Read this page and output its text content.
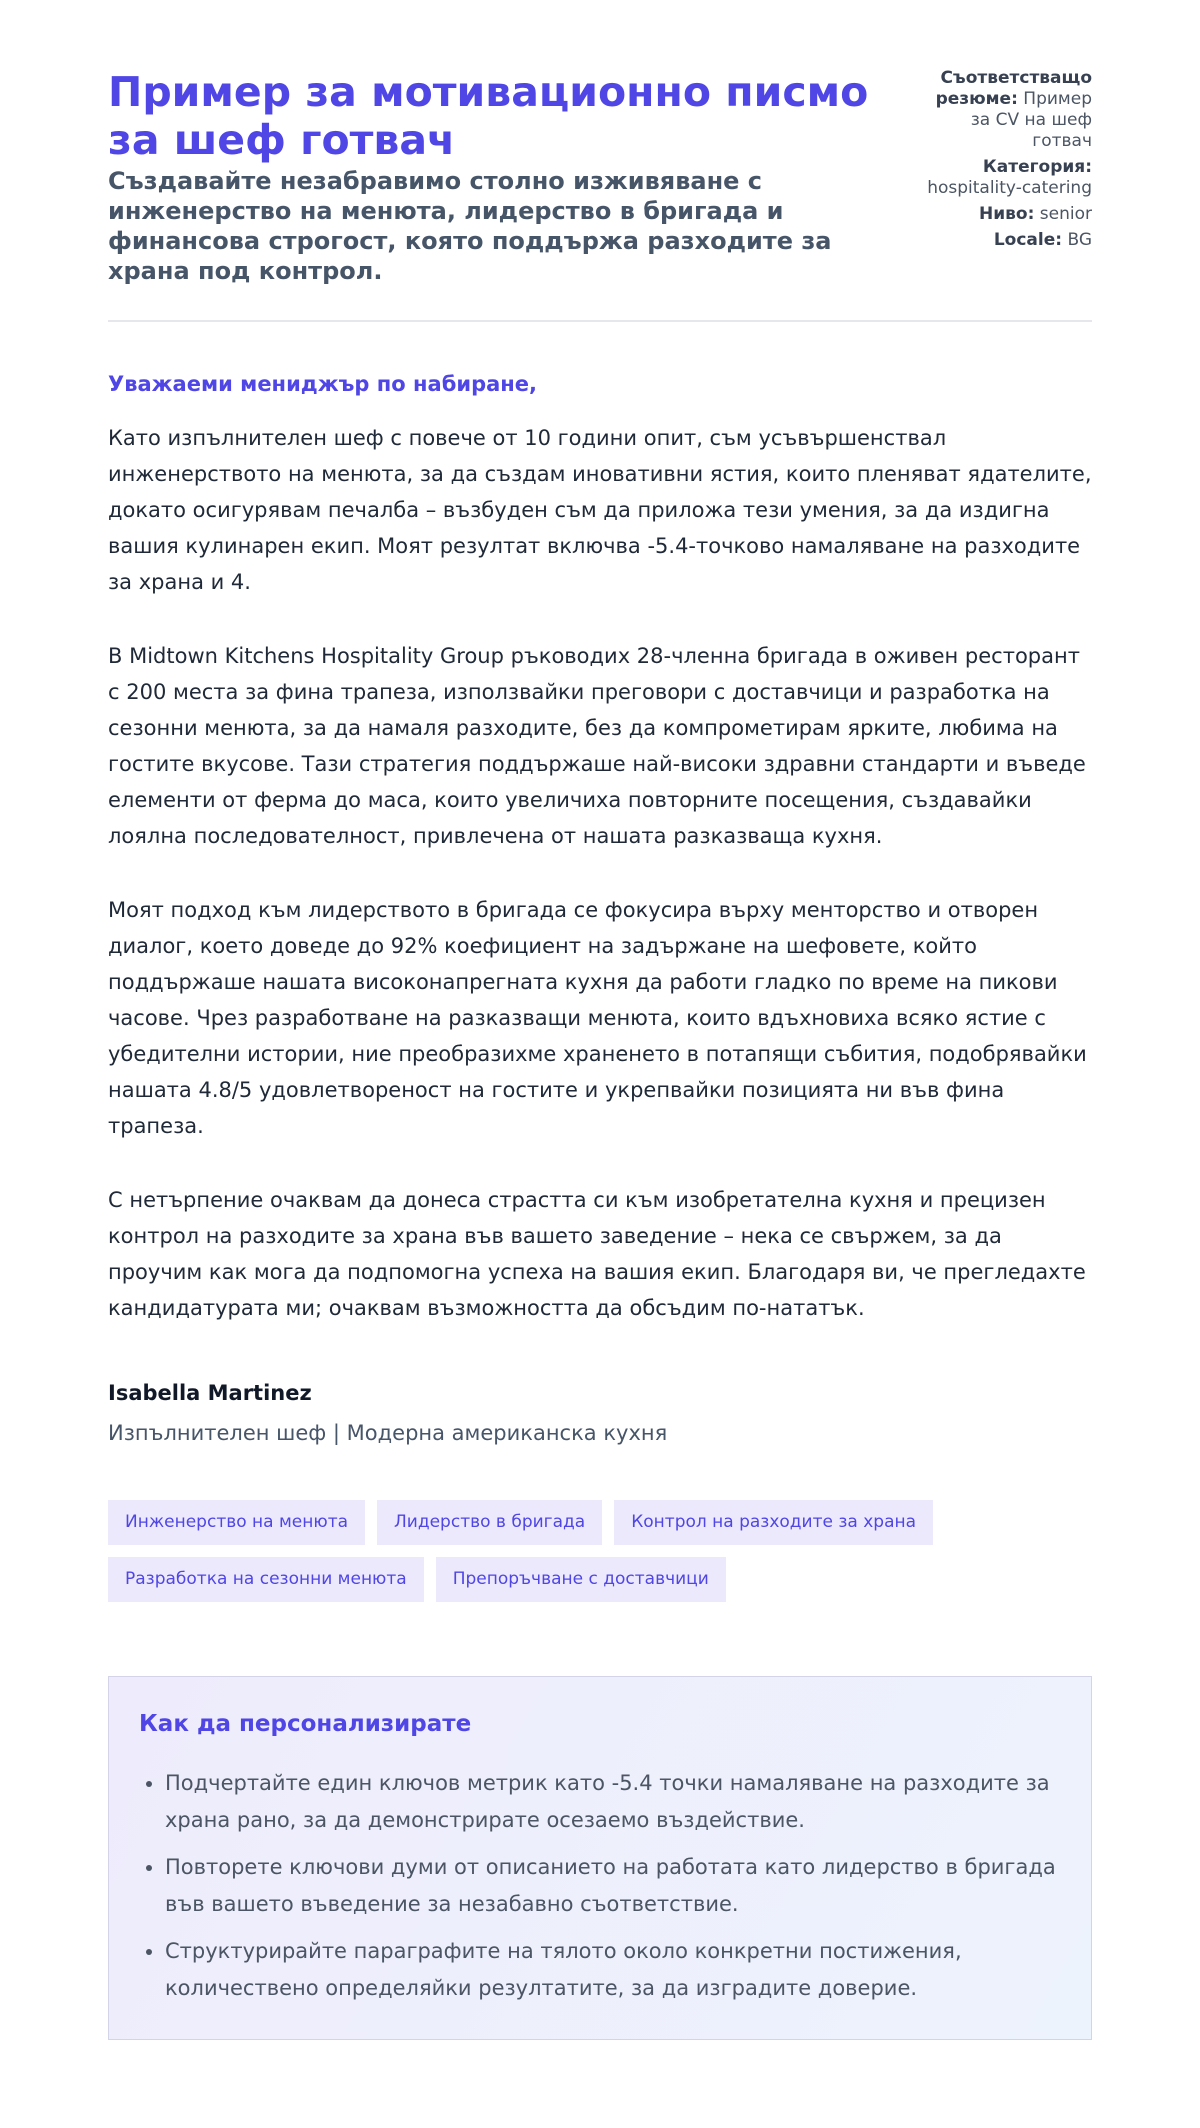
Пример за мотивационно писмо за шеф готвач

Създавайте незабравимо столно изживяване с инженерство на менюта, лидерство в бригада и финансова строгост, която поддържа разходите за храна под контрол.

Съответстващо резюме: Пример за CV на шеф готвач
Категория: hospitality-catering
Ниво: senior
Locale: BG
Уважаеми мениджър по набиране,

Като изпълнителен шеф с повече от 10 години опит, съм усъвършенствал инженерството на менюта, за да създам иновативни ястия, които пленяват ядателите, докато осигурявам печалба – възбуден съм да приложа тези умения, за да издигна вашия кулинарен екип. Моят резултат включва -5.4-точково намаляване на разходите за храна и 4.

В Midtown Kitchens Hospitality Group ръководих 28-членна бригада в оживен ресторант с 200 места за фина трапеза, използвайки преговори с доставчици и разработка на сезонни менюта, за да намаля разходите, без да компрометирам ярките, любима на гостите вкусове. Тази стратегия поддържаше най-високи здравни стандарти и въведе елементи от ферма до маса, които увеличиха повторните посещения, създавайки лоялна последователност, привлечена от нашата разказваща кухня.

Моят подход към лидерството в бригада се фокусира върху менторство и отворен диалог, което доведе до 92% коефициент на задържане на шефовете, който поддържаше нашата високонапрегната кухня да работи гладко по време на пикови часове. Чрез разработване на разказващи менюта, които вдъхновиха всяко ястие с убедителни истории, ние преобразихме храненето в потапящи събития, подобрявайки нашата 4.8/5 удовлетвореност на гостите и укрепвайки позицията ни във фина трапеза.

С нетърпение очаквам да донеса страстта си към изобретателна кухня и прецизен контрол на разходите за храна във вашето заведение – нека се свържем, за да проучим как мога да подпомогна успеха на вашия екип. Благодаря ви, че прегледахте кандидатурата ми; очаквам възможността да обсъдим по-нататък.

Isabella Martinez
Изпълнителен шеф | Модерна американска кухня
Инженерство на менюта	Лидерство в бригада	Контрол на разходите за храна
Разработка на сезонни менюта	Препоръчване с доставчици
Как да персонализирате
• Подчертайте един ключов метрик като -5.4 точки намаляване на разходите за храна рано, за да демонстрирате осезаемо въздействие.
• Повторете ключови думи от описанието на работата като лидерство в бригада във вашето въведение за незабавно съответствие.
• Структурирайте параграфите на тялото около конкретни постижения, количествено определяйки резултатите, за да изградите доверие.
